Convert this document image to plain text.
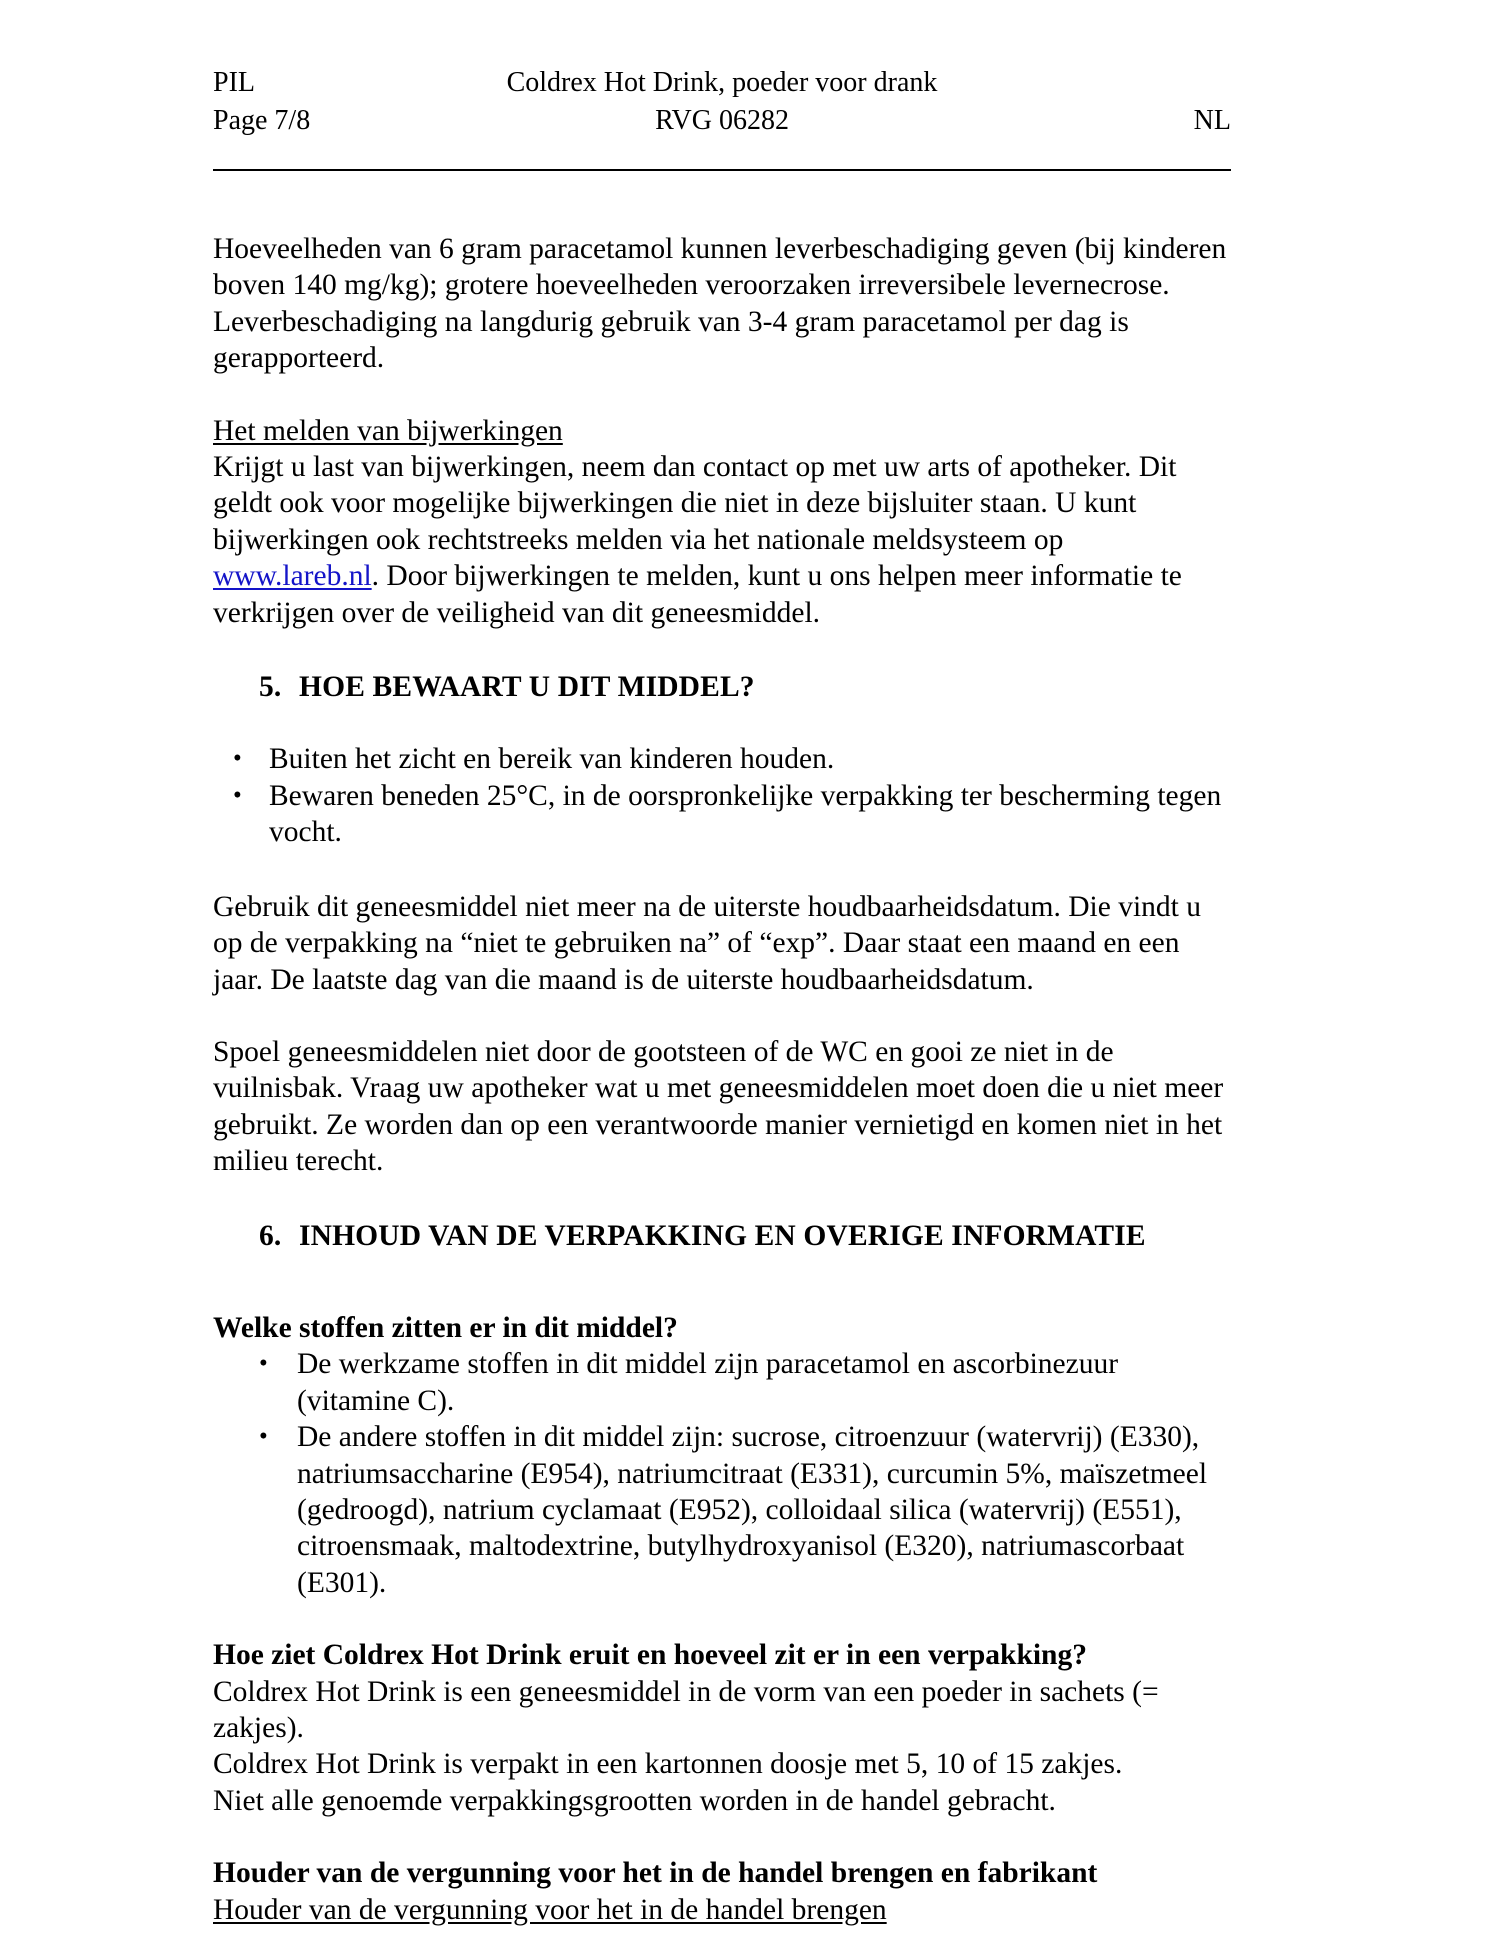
PIL	Coldrex Hot Drink, poeder voor drank
Page 7/8	RVG 06282	NL

Hoeveelheden van 6 gram paracetamol kunnen leverbeschadiging geven (bij kinderen boven 140 mg/kg); grotere hoeveelheden veroorzaken irreversibele levernecrose. Leverbeschadiging na langdurig gebruik van 3-4 gram paracetamol per dag is gerapporteerd.

Het melden van bijwerkingen

Krijgt u last van bijwerkingen, neem dan contact op met uw arts of apotheker. Dit geldt ook voor mogelijke bijwerkingen die niet in deze bijsluiter staan. U kunt bijwerkingen ook rechtstreeks melden via het nationale meldsysteem op www.lareb.nl. Door bijwerkingen te melden, kunt u ons helpen meer informatie te verkrijgen over de veiligheid van dit geneesmiddel.

5. HOE BEWAART U DIT MIDDEL?
• Buiten het zicht en bereik van kinderen houden.
• Bewaren beneden 25°C, in de oorspronkelijke verpakking ter bescherming tegen vocht.

Gebruik dit geneesmiddel niet meer na de uiterste houdbaarheidsdatum. Die vindt u op de verpakking na “niet te gebruiken na” of “exp”. Daar staat een maand en een jaar. De laatste dag van die maand is de uiterste houdbaarheidsdatum.

Spoel geneesmiddelen niet door de gootsteen of de WC en gooi ze niet in de vuilnisbak. Vraag uw apotheker wat u met geneesmiddelen moet doen die u niet meer gebruikt. Ze worden dan op een verantwoorde manier vernietigd en komen niet in het milieu terecht.

6. INHOUD VAN DE VERPAKKING EN OVERIGE INFORMATIE

Welke stoffen zitten er in dit middel?

• De werkzame stoffen in dit middel zijn paracetamol en ascorbinezuur (vitamine C).
• De andere stoffen in dit middel zijn: sucrose, citroenzuur (watervrij) (E330), natriumsaccharine (E954), natriumcitraat (E331), curcumin 5%, maïszetmeel (gedroogd), natrium cyclamaat (E952), colloidaal silica (watervrij) (E551), citroensmaak, maltodextrine, butylhydroxyanisol (E320), natriumascorbaat (E301).

Hoe ziet Coldrex Hot Drink eruit en hoeveel zit er in een verpakking?

Coldrex Hot Drink is een geneesmiddel in de vorm van een poeder in sachets (= zakjes).

Coldrex Hot Drink is verpakt in een kartonnen doosje met 5, 10 of 15 zakjes.

Niet alle genoemde verpakkingsgrootten worden in de handel gebracht.

Houder van de vergunning voor het in de handel brengen en fabrikant

Houder van de vergunning voor het in de handel brengen
